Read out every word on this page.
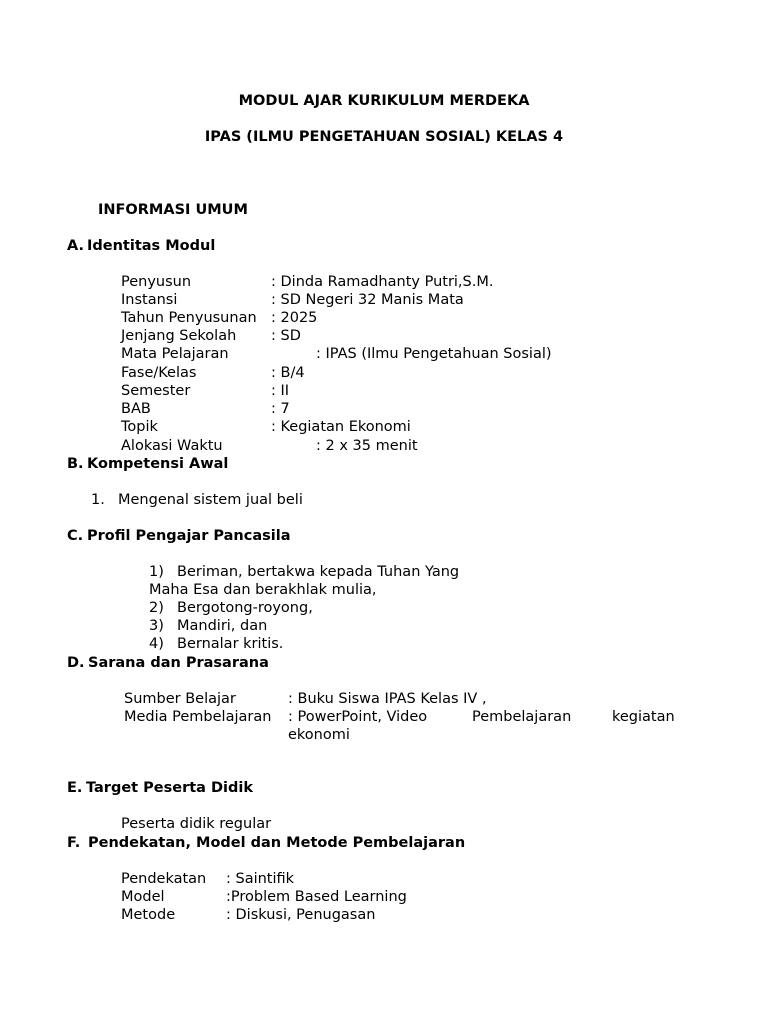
MODUL AJAR KURIKULUM MERDEKA
IPAS (ILMU PENGETAHUAN SOSIAL) KELAS 4
INFORMASI UMUM
A. Identitas Modul
Penyusun	: Dinda Ramadhanty Putri,S.M.
Instansi	: SD Negeri 32 Manis Mata
Tahun Penyusunan : 2025
Jenjang Sekolah : SD
Mata Pelajaran	: IPAS (Ilmu Pengetahuan Sosial)
Fase/Kelas	: B/4
Semester	: II
BAB	: 7
Topik	: Kegiatan Ekonomi
Alokasi Waktu	: 2 x 35 menit
B. Kompetensi Awal
1. Mengenal sistem jual beli
C. Profil Pengajar Pancasila
1) Beriman, bertakwa kepada Tuhan Yang
Maha Esa dan berakhlak mulia,
2) Bergotong-royong,
3) Mandiri, dan
4) Bernalar kritis.
D. Sarana dan Prasarana
Sumber Belajar	: Buku Siswa IPAS Kelas IV ,
Media Pembelajaran : PowerPoint, Video	Pembelajaran	kegiatan
ekonomi
E. Target Peserta Didik
Peserta didik regular
F. Pendekatan, Model dan Metode Pembelajaran
Pendekatan : Saintifik
Model	:Problem Based Learning
Metode	: Diskusi, Penugasan
